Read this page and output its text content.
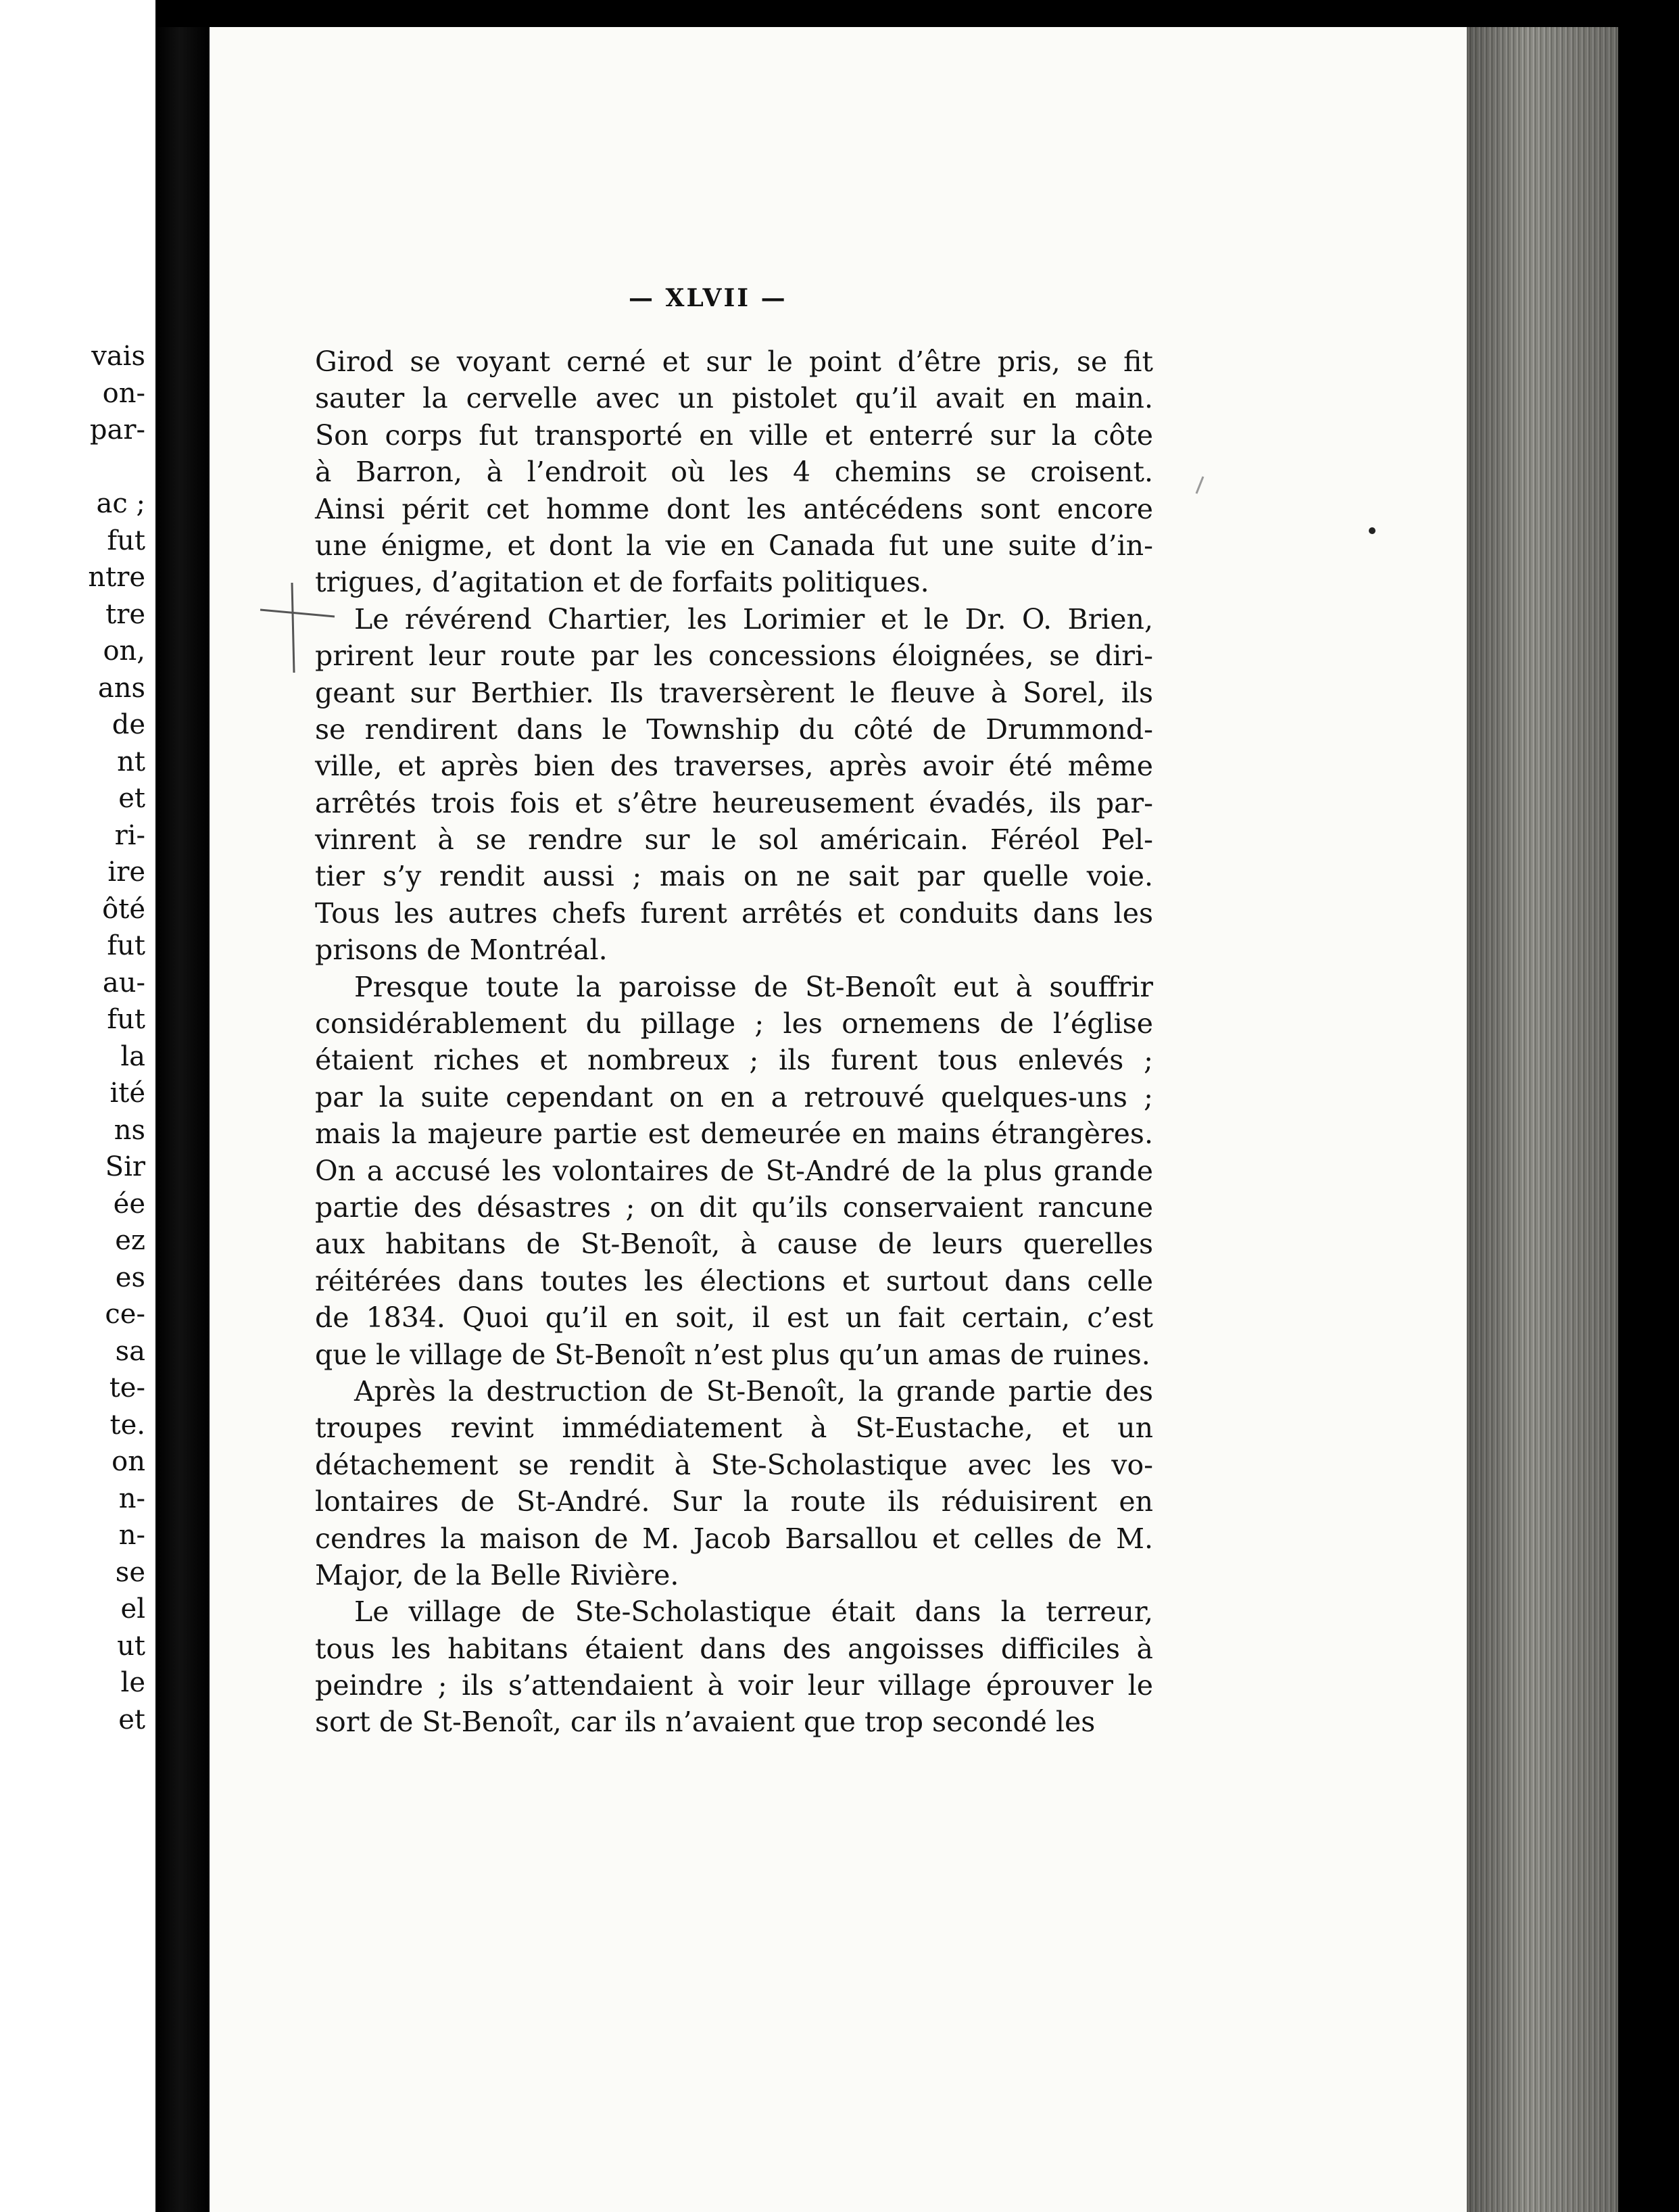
vais
on-
par-
ac ;
fut
ntre
tre
on,
ans
de
nt
et
ri-
ire
ôté
fut
au-
fut
la
ité
ns
Sir
ée
ez
es
ce-
sa
te-
te.
on
n-
n-
se
el
ut
le
et
— XLVII —
Girod se voyant cerné et sur le point d’être pris, se fit
sauter la cervelle avec un pistolet qu’il avait en main.
Son corps fut transporté en ville et enterré sur la côte
à Barron, à l’endroit où les 4 chemins se croisent.
Ainsi périt cet homme dont les antécédens sont encore
une énigme, et dont la vie en Canada fut une suite d’in-
trigues, d’agitation et de forfaits politiques.
Le révérend Chartier, les Lorimier et le Dr. O. Brien,
prirent leur route par les concessions éloignées, se diri-
geant sur Berthier. Ils traversèrent le fleuve à Sorel, ils
se rendirent dans le Township du côté de Drummond-
ville, et après bien des traverses, après avoir été même
arrêtés trois fois et s’être heureusement évadés, ils par-
vinrent à se rendre sur le sol américain. Féréol Pel-
tier s’y rendit aussi ; mais on ne sait par quelle voie.
Tous les autres chefs furent arrêtés et conduits dans les
prisons de Montréal.
Presque toute la paroisse de St-Benoît eut à souffrir
considérablement du pillage ; les ornemens de l’église
étaient riches et nombreux ; ils furent tous enlevés ;
par la suite cependant on en a retrouvé quelques-uns ;
mais la majeure partie est demeurée en mains étrangères.
On a accusé les volontaires de St-André de la plus grande
partie des désastres ; on dit qu’ils conservaient rancune
aux habitans de St-Benoît, à cause de leurs querelles
réitérées dans toutes les élections et surtout dans celle
de 1834. Quoi qu’il en soit, il est un fait certain, c’est
que le village de St-Benoît n’est plus qu’un amas de ruines.
Après la destruction de St-Benoît, la grande partie des
troupes revint immédiatement à St-Eustache, et un
détachement se rendit à Ste-Scholastique avec les vo-
lontaires de St-André. Sur la route ils réduisirent en
cendres la maison de M. Jacob Barsallou et celles de M.
Major, de la Belle Rivière.
Le village de Ste-Scholastique était dans la terreur,
tous les habitans étaient dans des angoisses difficiles à
peindre ; ils s’attendaient à voir leur village éprouver le
sort de St-Benoît, car ils n’avaient que trop secondé les
